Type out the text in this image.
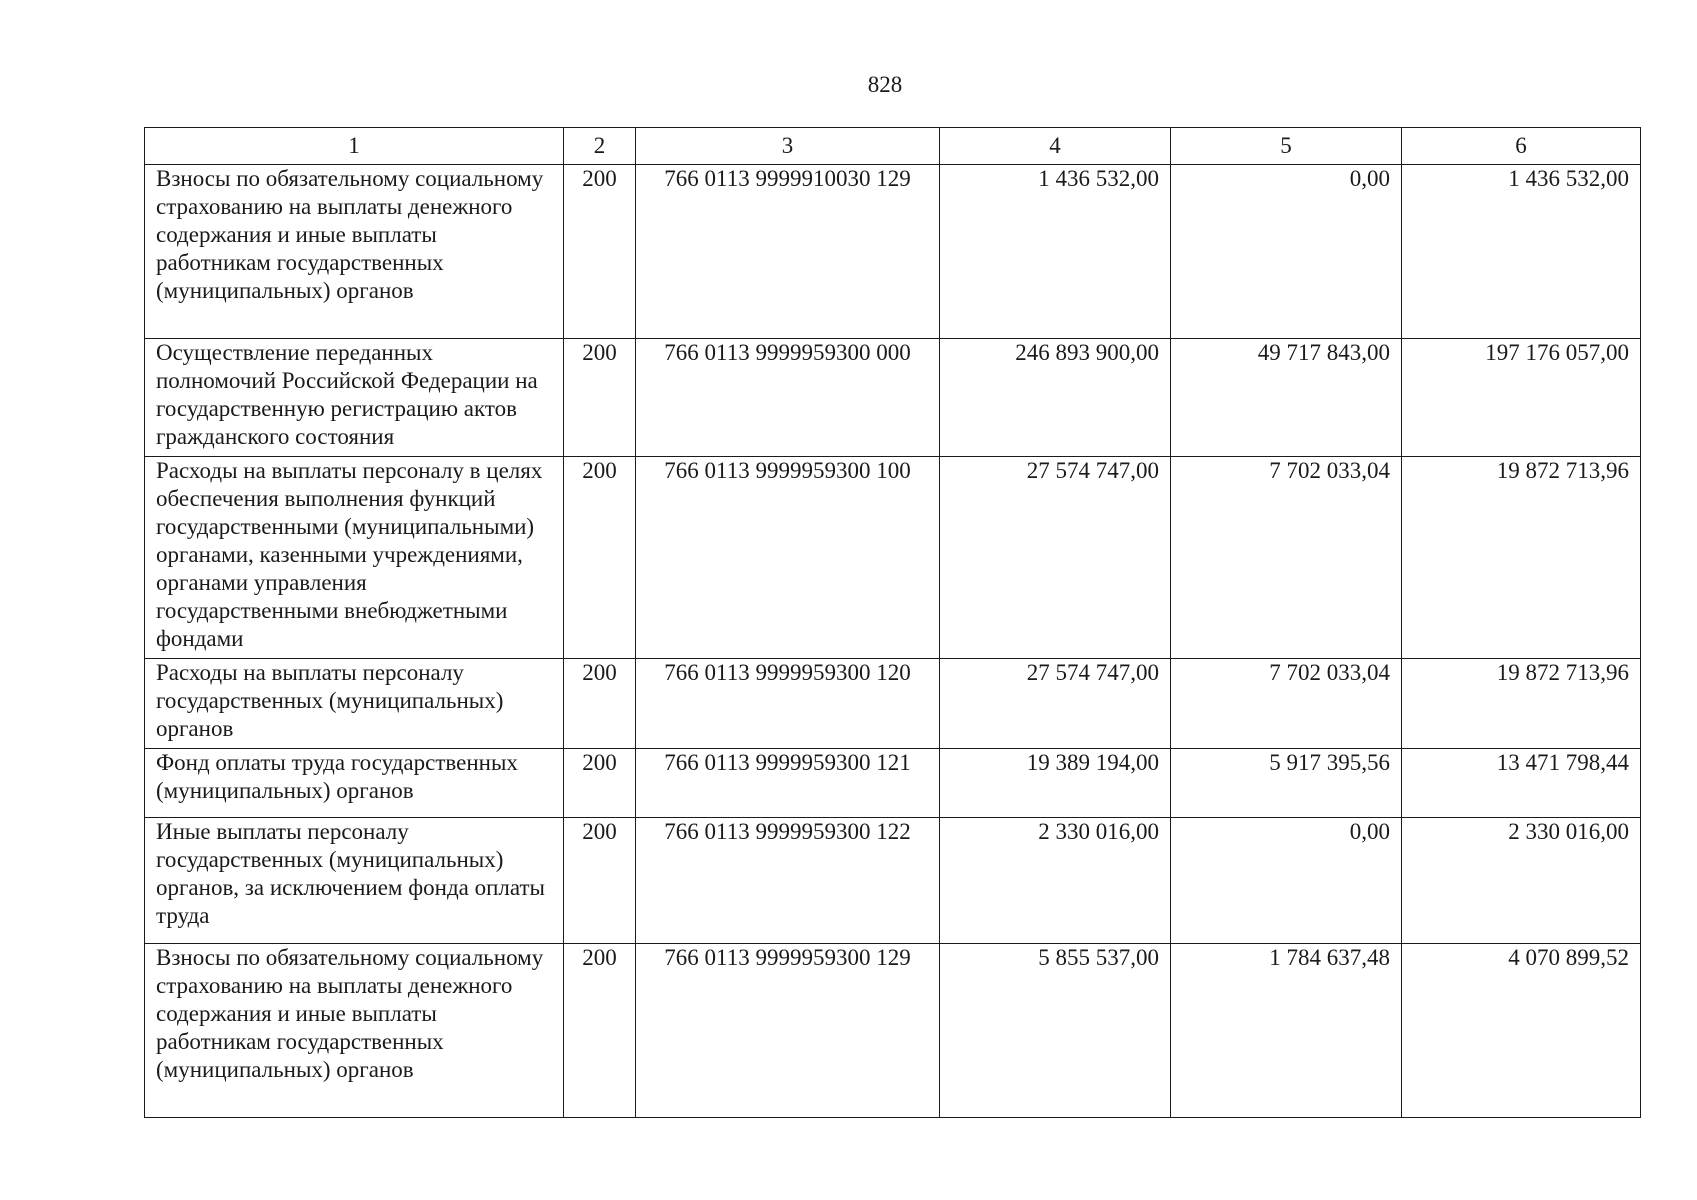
828
1	2	3	4	5	6
Взносы по обязательному социальному страхованию на выплаты денежного содержания и иные выплаты работникам государственных (муниципальных) органов	200	766 0113 9999910030 129	1 436 532,00	0,00	1 436 532,00
Осуществление переданных полномочий Российской Федерации на государственную регистрацию актов гражданского состояния	200	766 0113 9999959300 000	246 893 900,00	49 717 843,00	197 176 057,00
Расходы на выплаты персоналу в целях обеспечения выполнения функций государственными (муниципальными) органами, казенными учреждениями, органами управления государственными внебюджетными фондами	200	766 0113 9999959300 100	27 574 747,00	7 702 033,04	19 872 713,96
Расходы на выплаты персоналу государственных (муниципальных) органов	200	766 0113 9999959300 120	27 574 747,00	7 702 033,04	19 872 713,96
Фонд оплаты труда государственных (муниципальных) органов	200	766 0113 9999959300 121	19 389 194,00	5 917 395,56	13 471 798,44
Иные выплаты персоналу государственных (муниципальных) органов, за исключением фонда оплаты труда	200	766 0113 9999959300 122	2 330 016,00	0,00	2 330 016,00
Взносы по обязательному социальному страхованию на выплаты денежного содержания и иные выплаты работникам государственных (муниципальных) органов	200	766 0113 9999959300 129	5 855 537,00	1 784 637,48	4 070 899,52
